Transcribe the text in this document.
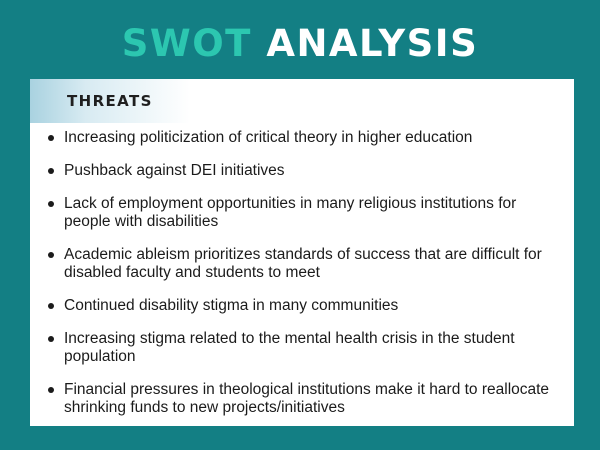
SWOT ANALYSIS
THREATS
Increasing politicization of critical theory in higher education
Pushback against DEI initiatives
Lack of employment opportunities in many religious institutions for people with disabilities
Academic ableism prioritizes standards of success that are difficult for disabled faculty and students to meet
Continued disability stigma in many communities
Increasing stigma related to the mental health crisis in the student population
Financial pressures in theological institutions make it hard to reallocate shrinking funds to new projects/initiatives
